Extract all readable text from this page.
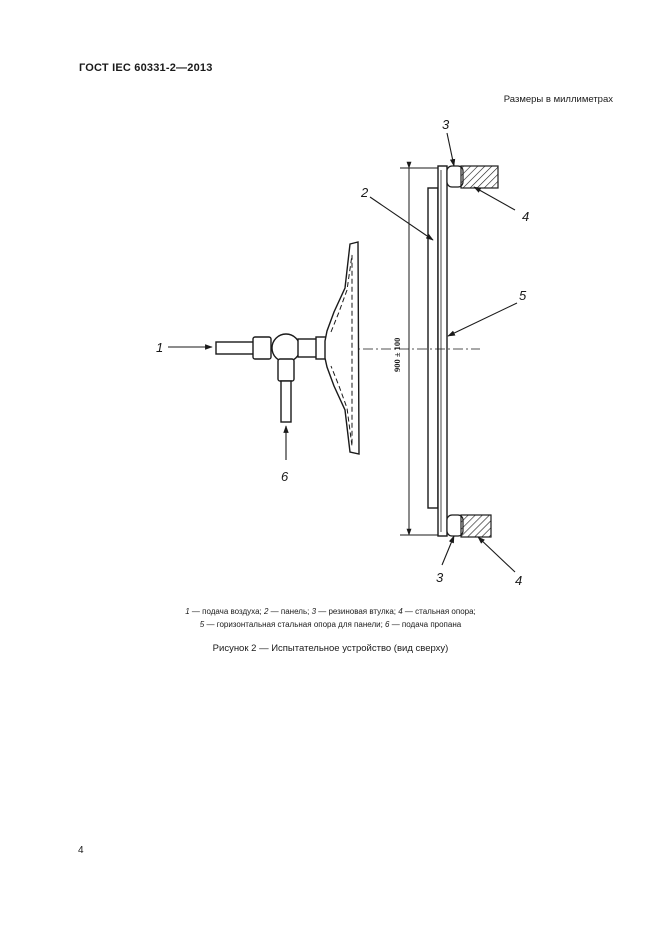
ГОСТ IEC 60331-2—2013
Размеры в миллиметрах
900 ± 100
1
6
2
3
4
5
3	4
1 — подача воздуха; 2 — панель; 3 — резиновая втулка; 4 — стальная опора;
5 — горизонтальная стальная опора для панели; 6 — подача пропана
Рисунок 2 — Испытательное устройство (вид сверху)
4
